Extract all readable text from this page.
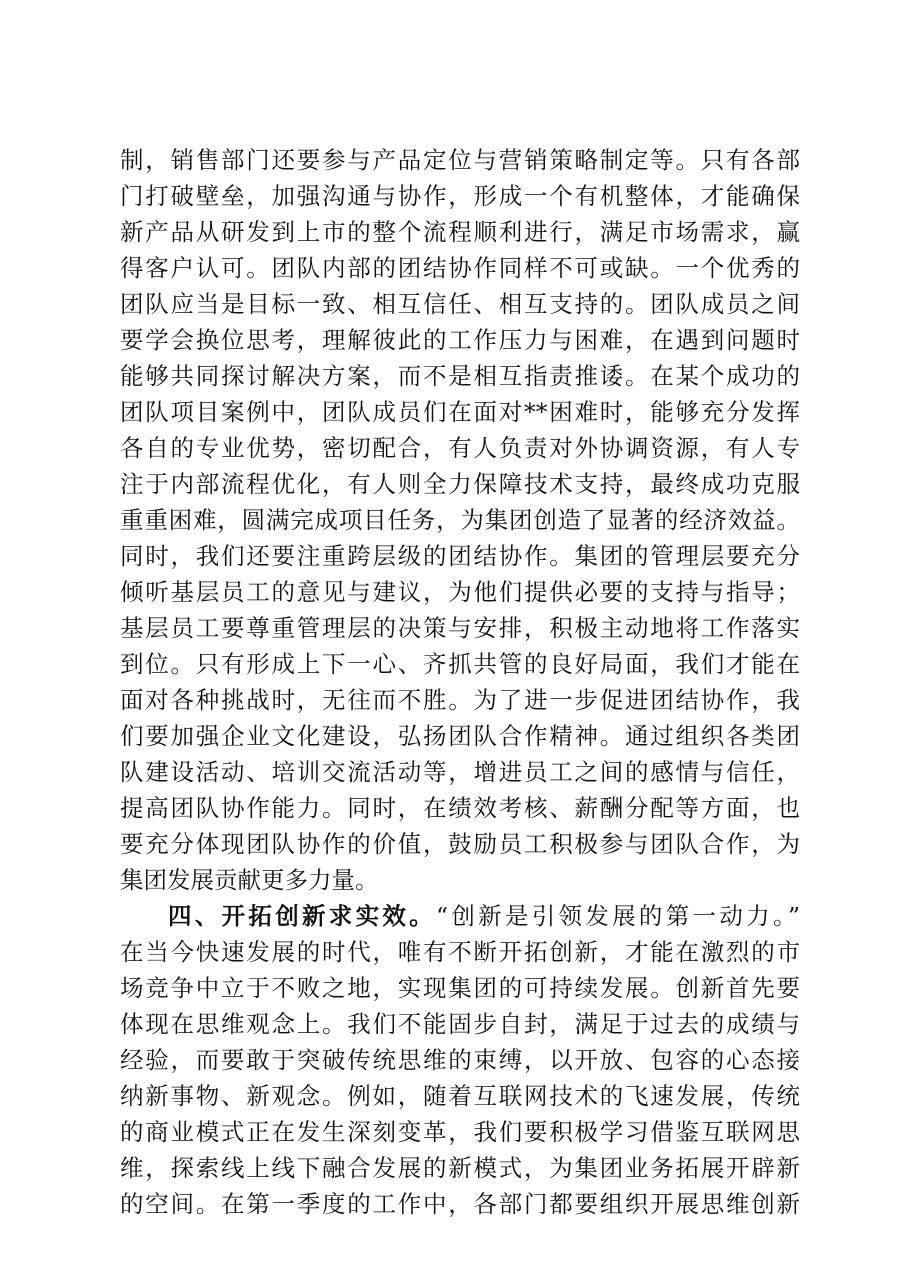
制，销售部门还要参与产品定位与营销策略制定等。只有各部
门打破壁垒，加强沟通与协作，形成一个有机整体，才能确保
新产品从研发到上市的整个流程顺利进行，满足市场需求，赢
得客户认可。团队内部的团结协作同样不可或缺。一个优秀的
团队应当是目标一致、相互信任、相互支持的。团队成员之间
要学会换位思考，理解彼此的工作压力与困难，在遇到问题时
能够共同探讨解决方案，而不是相互指责推诿。在某个成功的
团队项目案例中，团队成员们在面对**困难时，能够充分发挥
各自的专业优势，密切配合，有人负责对外协调资源，有人专
注于内部流程优化，有人则全力保障技术支持，最终成功克服
重重困难，圆满完成项目任务，为集团创造了显著的经济效益。
同时，我们还要注重跨层级的团结协作。集团的管理层要充分
倾听基层员工的意见与建议，为他们提供必要的支持与指导；
基层员工要尊重管理层的决策与安排，积极主动地将工作落实
到位。只有形成上下一心、齐抓共管的良好局面，我们才能在
面对各种挑战时，无往而不胜。为了进一步促进团结协作，我
们要加强企业文化建设，弘扬团队合作精神。通过组织各类团
队建设活动、培训交流活动等，增进员工之间的感情与信任，
提高团队协作能力。同时，在绩效考核、薪酬分配等方面，也
要充分体现团队协作的价值，鼓励员工积极参与团队合作，为
集团发展贡献更多力量。
四、开拓创新求实效。“创新是引领发展的第一动力。”
在当今快速发展的时代，唯有不断开拓创新，才能在激烈的市
场竞争中立于不败之地，实现集团的可持续发展。创新首先要
体现在思维观念上。我们不能固步自封，满足于过去的成绩与
经验，而要敢于突破传统思维的束缚，以开放、包容的心态接
纳新事物、新观念。例如，随着互联网技术的飞速发展，传统
的商业模式正在发生深刻变革，我们要积极学习借鉴互联网思
维，探索线上线下融合发展的新模式，为集团业务拓展开辟新
的空间。在第一季度的工作中，各部门都要组织开展思维创新
